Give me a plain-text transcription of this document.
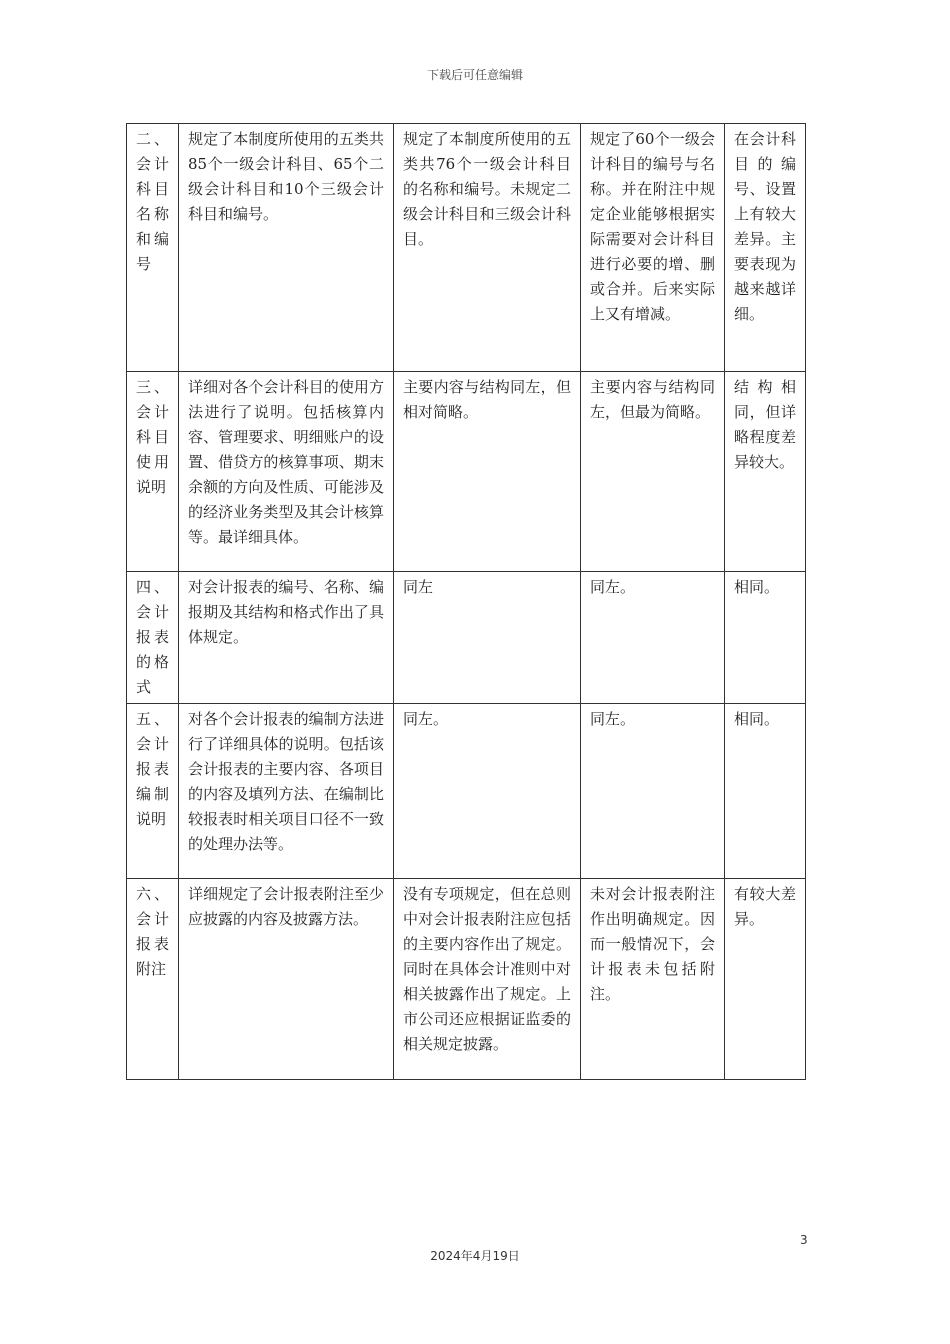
下载后可任意编辑
二、会计科目名称和编号	规定了本制度所使用的五类共85个一级会计科目、65个二级会计科目和10个三级会计科目和编号。	规定了本制度所使用的五类共76个一级会计科目的名称和编号。未规定二级会计科目和三级会计科目。	规定了60个一级会计科目的编号与名称。并在附注中规定企业能够根据实际需要对会计科目进行必要的增、删或合并。后来实际上又有增减。	在会计科目的编号、设置上有较大差异。主要表现为越来越详细。
三、会计科目使用说明	详细对各个会计科目的使用方法进行了说明。包括核算内容、管理要求、明细账户的设置、借贷方的核算事项、期末余额的方向及性质、可能涉及的经济业务类型及其会计核算等。最详细具体。	主要内容与结构同左，但相对简略。	主要内容与结构同左，但最为简略。	结构相同，但详略程度差异较大。
四、会计报表的格式	对会计报表的编号、名称、编报期及其结构和格式作出了具体规定。	同左	同左。	相同。
五、会计报表编制说明	对各个会计报表的编制方法进行了详细具体的说明。包括该会计报表的主要内容、各项目的内容及填列方法、在编制比较报表时相关项目口径不一致的处理办法等。	同左。	同左。	相同。
六、会计报表附注	详细规定了会计报表附注至少应披露的内容及披露方法。	没有专项规定，但在总则中对会计报表附注应包括的主要内容作出了规定。同时在具体会计准则中对相关披露作出了规定。上市公司还应根据证监委的相关规定披露。	未对会计报表附注作出明确规定。因而一般情况下，会计报表未包括附注。	有较大差异。
3
2024年4月19日
